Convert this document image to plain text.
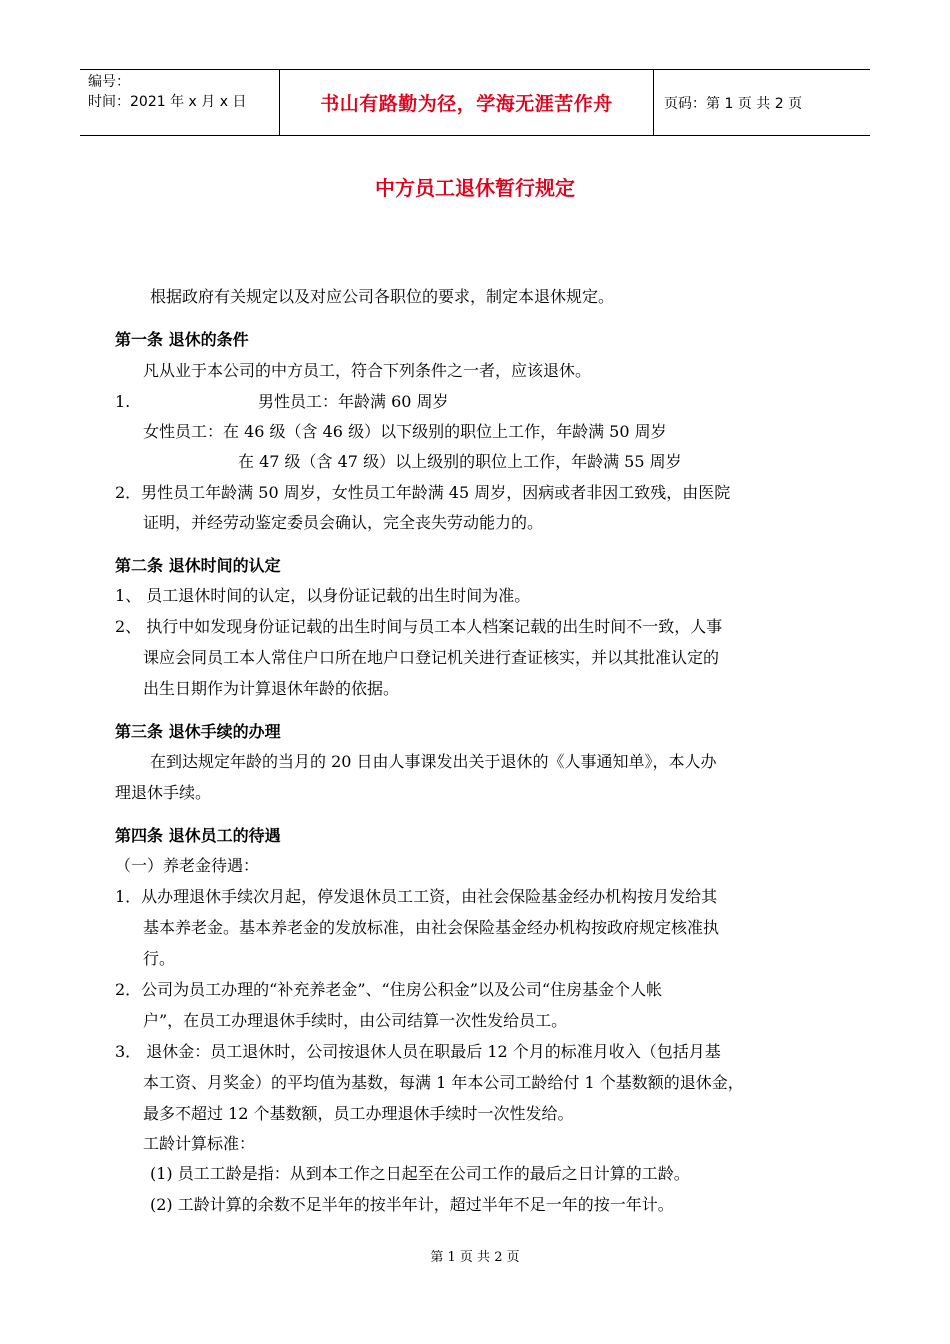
编号：
时间：2021 年 x 月 x 日	书山有路勤为径，学海无涯苦作舟	页码：第 1 页 共 2 页
中方员工退休暂行规定
根据政府有关规定以及对应公司各职位的要求，制定本退休规定。
第一条 退休的条件
凡从业于本公司的中方员工，符合下列条件之一者，应该退休。
1.	男性员工：年龄满 60 周岁
女性员工：在 46 级（含 46 级）以下级别的职位上工作，年龄满 50 周岁
在 47 级（含 47 级）以上级别的职位上工作，年龄满 55 周岁
2．男性员工年龄满 50 周岁，女性员工年龄满 45 周岁，因病或者非因工致残，由医院
证明，并经劳动鉴定委员会确认，完全丧失劳动能力的。
第二条 退休时间的认定
1、 员工退休时间的认定，以身份证记载的出生时间为准。
2、 执行中如发现身份证记载的出生时间与员工本人档案记载的出生时间不一致，人事
课应会同员工本人常住户口所在地户口登记机关进行查证核实，并以其批准认定的
出生日期作为计算退休年龄的依据。
第三条 退休手续的办理
在到达规定年龄的当月的 20 日由人事课发出关于退休的《人事通知单》，本人办
理退休手续。
第四条 退休员工的待遇
（一）养老金待遇：
1．从办理退休手续次月起，停发退休员工工资，由社会保险基金经办机构按月发给其
基本养老金。基本养老金的发放标准，由社会保险基金经办机构按政府规定核准执
行。
2．公司为员工办理的“补充养老金”、“住房公积金”以及公司“住房基金个人帐
户”，在员工办理退休手续时，由公司结算一次性发给员工。
3． 退休金：员工退休时，公司按退休人员在职最后 12 个月的标准月收入（包括月基
本工资、月奖金）的平均值为基数，每满 1 年本公司工龄给付 1 个基数额的退休金，
最多不超过 12 个基数额，员工办理退休手续时一次性发给。
工龄计算标准：
(1) 员工工龄是指：从到本工作之日起至在公司工作的最后之日计算的工龄。
(2) 工龄计算的余数不足半年的按半年计，超过半年不足一年的按一年计。
第 1 页 共 2 页
